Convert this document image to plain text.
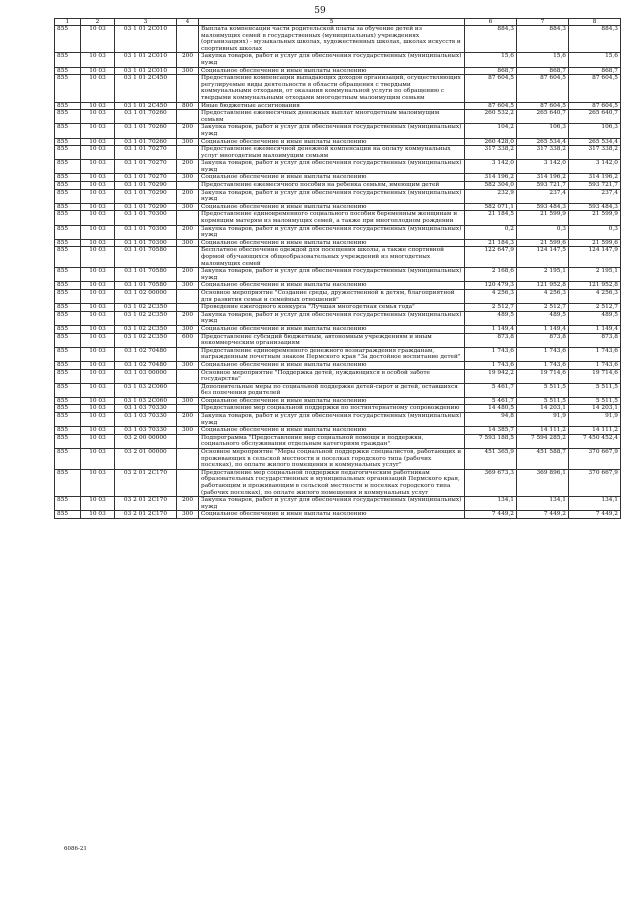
59
1	2	3	4	5	6	7	8
855	10 03	03 1 01 2С010		Выплата компенсации части родительской платы за обучение детей из малоимущих семей в государственных (муниципальных) учреждениях (организациях) - музыкальных школах, художественных школах, школах искусств и спортивных школах	884,3	884,3	884,3
855	10 03	03 1 01 2С010	200	Закупка товаров, работ и услуг для обеспечения государственных (муниципальных) нужд	15,6	15,6	15,6
855	10 03	03 1 01 2С010	300	Социальное обеспечение и иные выплаты населению	868,7	868,7	868,7
855	10 03	03 1 01 2С450		Предоставление компенсации выпадающих доходов организаций, осуществляющих регулируемые виды деятельности в области обращения с твердыми коммунальными отходами, от оказания коммунальной услуги по обращению с твердыми коммунальными отходами многодетным малоимущим семьям	87 604,5	87 604,5	87 604,5
855	10 03	03 1 01 2С450	800	Иные бюджетные ассигнования	87 604,5	87 604,5	87 604,5
855	10 03	03 1 01 70260		Предоставление ежемесячных денежных выплат многодетным малоимущим семьям	260 532,2	265 640,7	265 640,7
855	10 03	03 1 01 70260	200	Закупка товаров, работ и услуг для обеспечения государственных (муниципальных) нужд	104,2	106,3	106,3
855	10 03	03 1 01 70260	300	Социальное обеспечение и иные выплаты населению	260 428,0	265 534,4	265 534,4
855	10 03	03 1 01 70270		Предоставление ежемесячной денежной компенсации на оплату коммунальных услуг многодетным малоимущим семьям	317 338,2	317 338,2	317 338,2
855	10 03	03 1 01 70270	200	Закупка товаров, работ и услуг для обеспечения государственных (муниципальных) нужд	3 142,0	3 142,0	3 142,0
855	10 03	03 1 01 70270	300	Социальное обеспечение и иные выплаты населению	314 196,2	314 196,2	314 196,2
855	10 03	03 1 01 70290		Предоставление ежемесячного пособия на ребенка семьям, имеющим детей	582 304,0	593 721,7	593 721,7
855	10 03	03 1 01 70290	200	Закупка товаров, работ и услуг для обеспечения государственных (муниципальных) нужд	232,9	237,4	237,4
855	10 03	03 1 01 70290	300	Социальное обеспечение и иные выплаты населению	582 071,1	593 484,3	593 484,3
855	10 03	03 1 01 70300		Предоставление единовременного социального пособия беременным женщинам и кормящим матерям из малоимущих семей, а также при многоплодном рождении	21 184,5	21 599,9	21 599,9
855	10 03	03 1 01 70300	200	Закупка товаров, работ и услуг для обеспечения государственных (муниципальных) нужд	0,2	0,3	0,3
855	10 03	03 1 01 70300	300	Социальное обеспечение и иные выплаты населению	21 184,3	21 599,6	21 599,6
855	10 03	03 1 01 70580		Бесплатное обеспечение одеждой для посещения школы, а также спортивной формой обучающихся общеобразовательных учреждений из многодетных малоимущих семей	122 647,9	124 147,5	124 147,9
855	10 03	03 1 01 70580	200	Закупка товаров, работ и услуг для обеспечения государственных (муниципальных) нужд	2 168,6	2 195,1	2 195,1
855	10 03	03 1 01 70580	300	Социальное обеспечение и иные выплаты населению	120 479,3	121 952,8	121 952,8
855	10 03	03 1 02 00000		Основное мероприятие "Создание среды, дружественной к детям, благоприятной для развития семьи и семейных отношений"	4 256,3	4 256,3	4 256,3
855	10 03	03 1 02 2С350		Проведение ежегодного конкурса "Лучшая многодетная семья года"	2 512,7	2 512,7	2 512,7
855	10 03	03 1 02 2С350	200	Закупка товаров, работ и услуг для обеспечения государственных (муниципальных) нужд	489,5	489,5	489,5
855	10 03	03 1 02 2С350	300	Социальное обеспечение и иные выплаты населению	1 149,4	1 149,4	1 149,4
855	10 03	03 1 02 2С350	600	Предоставление субсидий бюджетным, автономным учреждениям и иным некоммерческим организациям	873,8	873,8	873,8
855	10 03	03 1 02 70480		Предоставление единовременного денежного вознаграждения гражданам, награжденным почетным знаком Пермского края "За достойное воспитание детей"	1 743,6	1 743,6	1 743,6
855	10 03	03 1 02 70480	300	Социальное обеспечение и иные выплаты населению	1 743,6	1 743,6	1 743,6
855	10 03	03 1 03 00000		Основное мероприятие "Поддержка детей, нуждающихся в особой заботе государства"	19 942,2	19 714,6	19 714,6
855	10 03	03 1 03 2С060		Дополнительные меры по социальной поддержке детей-сирот и детей, оставшихся без попечения родителей	5 461,7	5 511,5	5 511,5
855	10 03	03 1 03 2С060	300	Социальное обеспечение и иные выплаты населению	5 461,7	5 511,5	5 511,5
855	10 03	03 1 03 70330		Предоставление мер социальной поддержки по постинтернатному сопровождению	14 480,5	14 203,1	14 203,1
855	10 03	03 1 03 70330	200	Закупка товаров, работ и услуг для обеспечения государственных (муниципальных) нужд	94,8	91,9	91,9
855	10 03	03 1 03 70330	300	Социальное обеспечение и иные выплаты населению	14 385,7	14 111,2	14 111,2
855	10 03	03 2 00 00000		Подпрограмма "Предоставление мер социальной помощи и поддержки, социального обслуживания отдельным категориям граждан"	7 593 188,5	7 594 285,2	7 450 452,4
855	10 03	03 2 01 00000		Основное мероприятие "Меры социальной поддержки специалистов, работающих и проживающих в сельской местности и поселках городского типа (рабочих поселках), по оплате жилого помещения и коммунальных услуг"	451 365,9	451 588,7	370 667,9
855	10 03	03 2 01 2С170		Предоставление мер социальной поддержки педагогическим работникам образовательных государственных и муниципальных организаций Пермского края, работающим и проживающим в сельской местности и поселках городского типа (рабочих поселках), по оплате жилого помещения и коммунальных услуг	369 673,3	369 896,1	370 667,9
855	10 03	03 2 01 2С170	200	Закупка товаров, работ и услуг для обеспечения государственных (муниципальных) нужд	134,1	134,1	134,1
855	10 03	03 2 01 2С170	300	Социальное обеспечение и иные выплаты населению	7 449,2	7 449,2	7 449,2
6086-21
